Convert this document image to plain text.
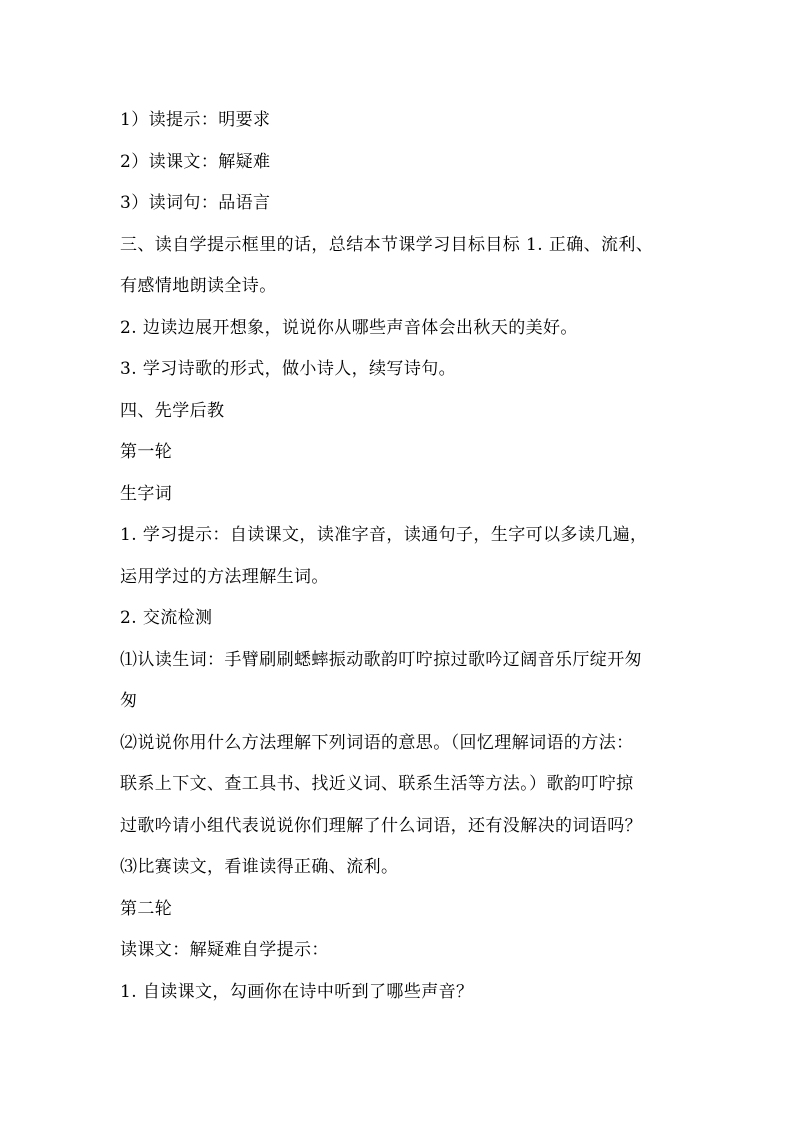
1）读提示：明要求
2）读课文：解疑难
3）读词句：品语言
三、读自学提示框里的话，总结本节课学习目标目标 1. 正确、流利、
有感情地朗读全诗。
2. 边读边展开想象，说说你从哪些声音体会出秋天的美好。
3. 学习诗歌的形式，做小诗人，续写诗句。
四、先学后教
第一轮
生字词
1. 学习提示：自读课文，读准字音，读通句子，生字可以多读几遍，
运用学过的方法理解生词。
2. 交流检测
⑴认读生词：手臂刷刷蟋蟀振动歌韵叮咛掠过歌吟辽阔音乐厅绽开匆
匆
⑵说说你用什么方法理解下列词语的意思。（回忆理解词语的方法：
联系上下文、查工具书、找近义词、联系生活等方法。）歌韵叮咛掠
过歌吟请小组代表说说你们理解了什么词语，还有没解决的词语吗？
⑶比赛读文，看谁读得正确、流利。
第二轮
读课文：解疑难自学提示：
1. 自读课文，勾画你在诗中听到了哪些声音？
